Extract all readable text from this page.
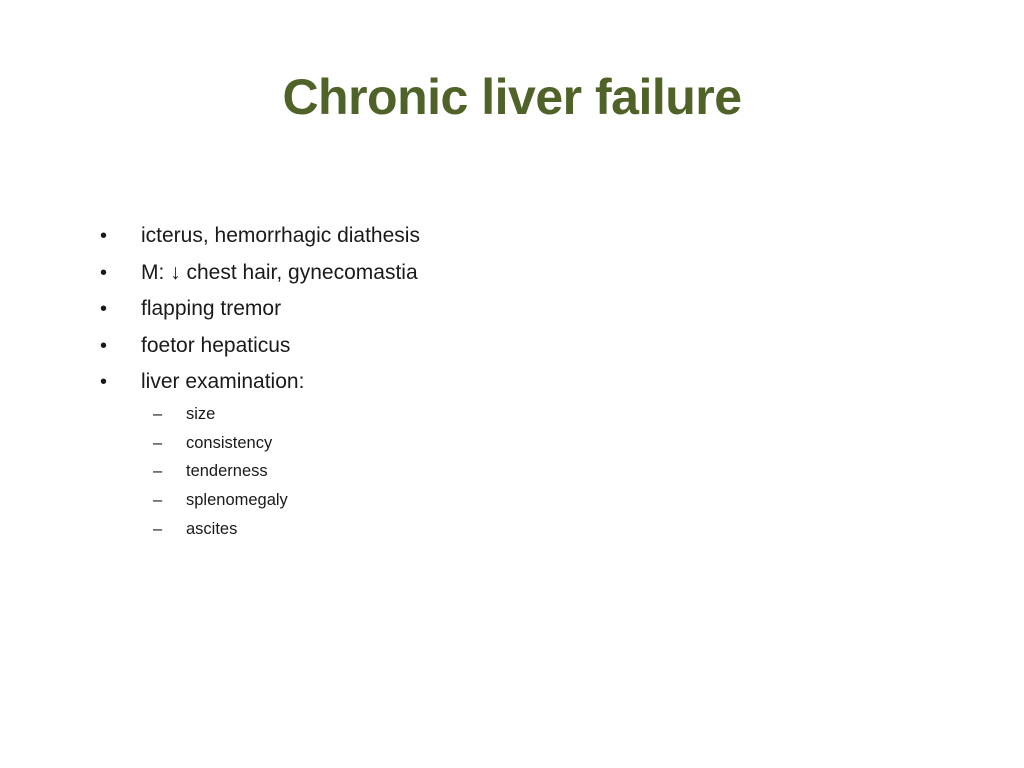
Chronic liver failure
• icterus, hemorrhagic diathesis
• M: ↓ chest hair, gynecomastia
• flapping tremor
• foetor hepaticus
• liver examination:
– size
– consistency
– tenderness
– splenomegaly
– ascites
